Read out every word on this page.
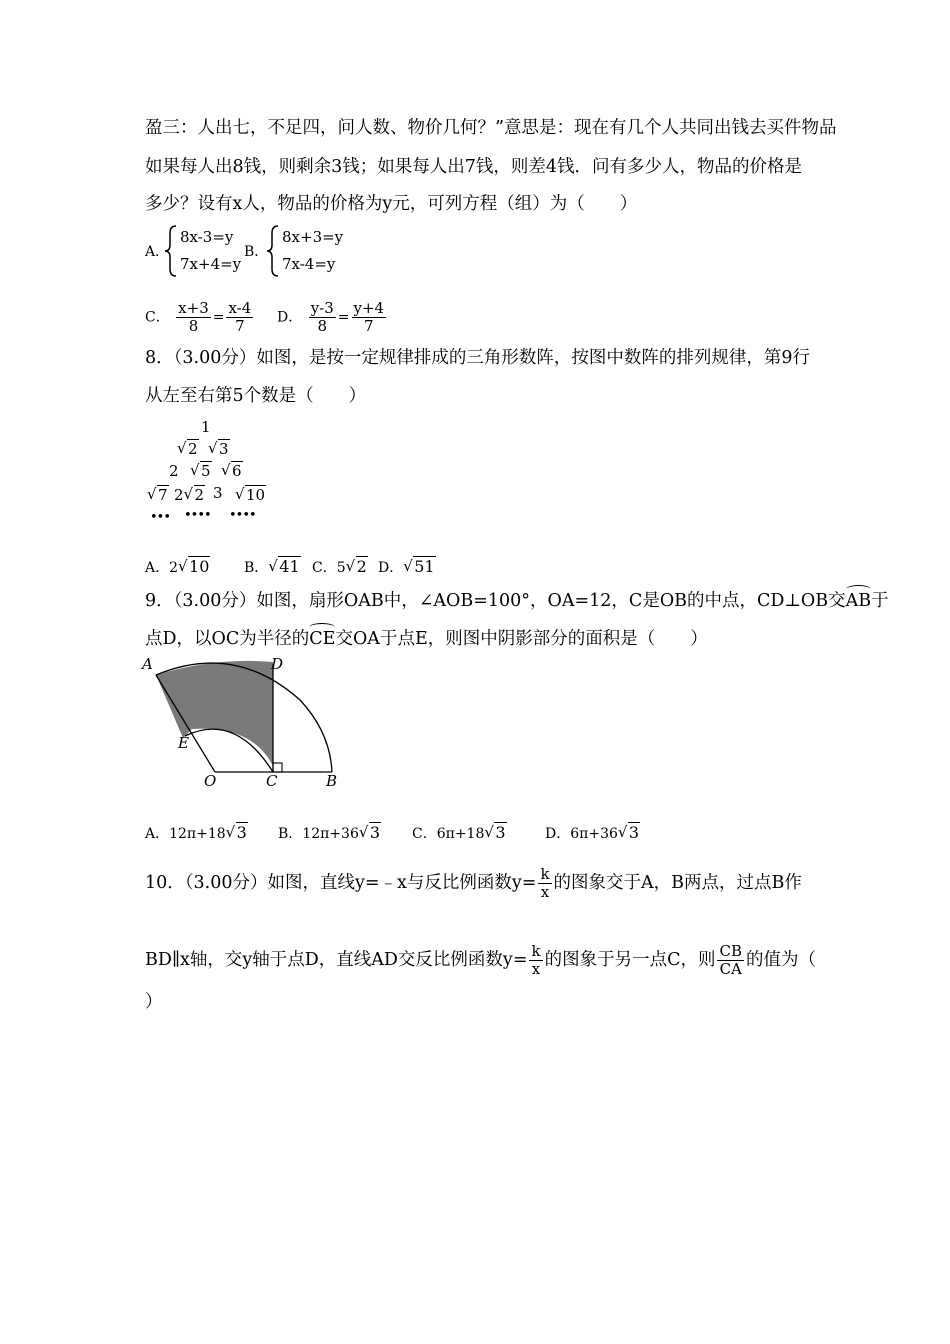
盈三：人出七，不足四，问人数、物价几何？”意思是：现在有几个人共同出钱去买件物品
如果每人出8钱，则剩余3钱；如果每人出7钱，则差4钱．问有多少人，物品的价格是
多少？设有x人，物品的价格为y元，可列方程（组）为（　　）
A．
8x-3=y
7x+4=y
B．
8x+3=y
7x-4=y
C． $\frac{x+3}{8} = \frac{x-4}{7}$ D． $\frac{y-3}{8} = \frac{y+4}{7}$
8．（3.00分）如图，是按一定规律排成的三角形数阵，按图中数阵的排列规律，第9行
从左至右第5个数是（　　）
1
√ 2 √ 3
2 √ 5 √ 6
√ 7 2 √ 2 3 √ 10
••• •••• ••••
A．2 √ 10 B． √ 41 C．5 √ 2 D． √ 51
9．（3.00分）如图，扇形OAB中，∠AOB=100°，OA=12，C是OB的中点，CD⊥OB交AB于
点D，以OC为半径的CE交OA于点E，则图中阴影部分的面积是（　　）
A	D
E
O	C	B
A．12π+18 √ 3 B．12π+36 √ 3 C．6π+18 √ 3	D．6π+36 √ 3
10．（3.00分）如图，直线y=﹣x与反比例函数$y= \frac{k}{x}$ 的图象交于A，B两点，过点B作
BD∥x轴，交y轴于点D，直线AD交反比例函数$y= \frac{k}{x}$ 的图象于另一点C，则 $\frac{CB}{CA}$ 的值为（
）
